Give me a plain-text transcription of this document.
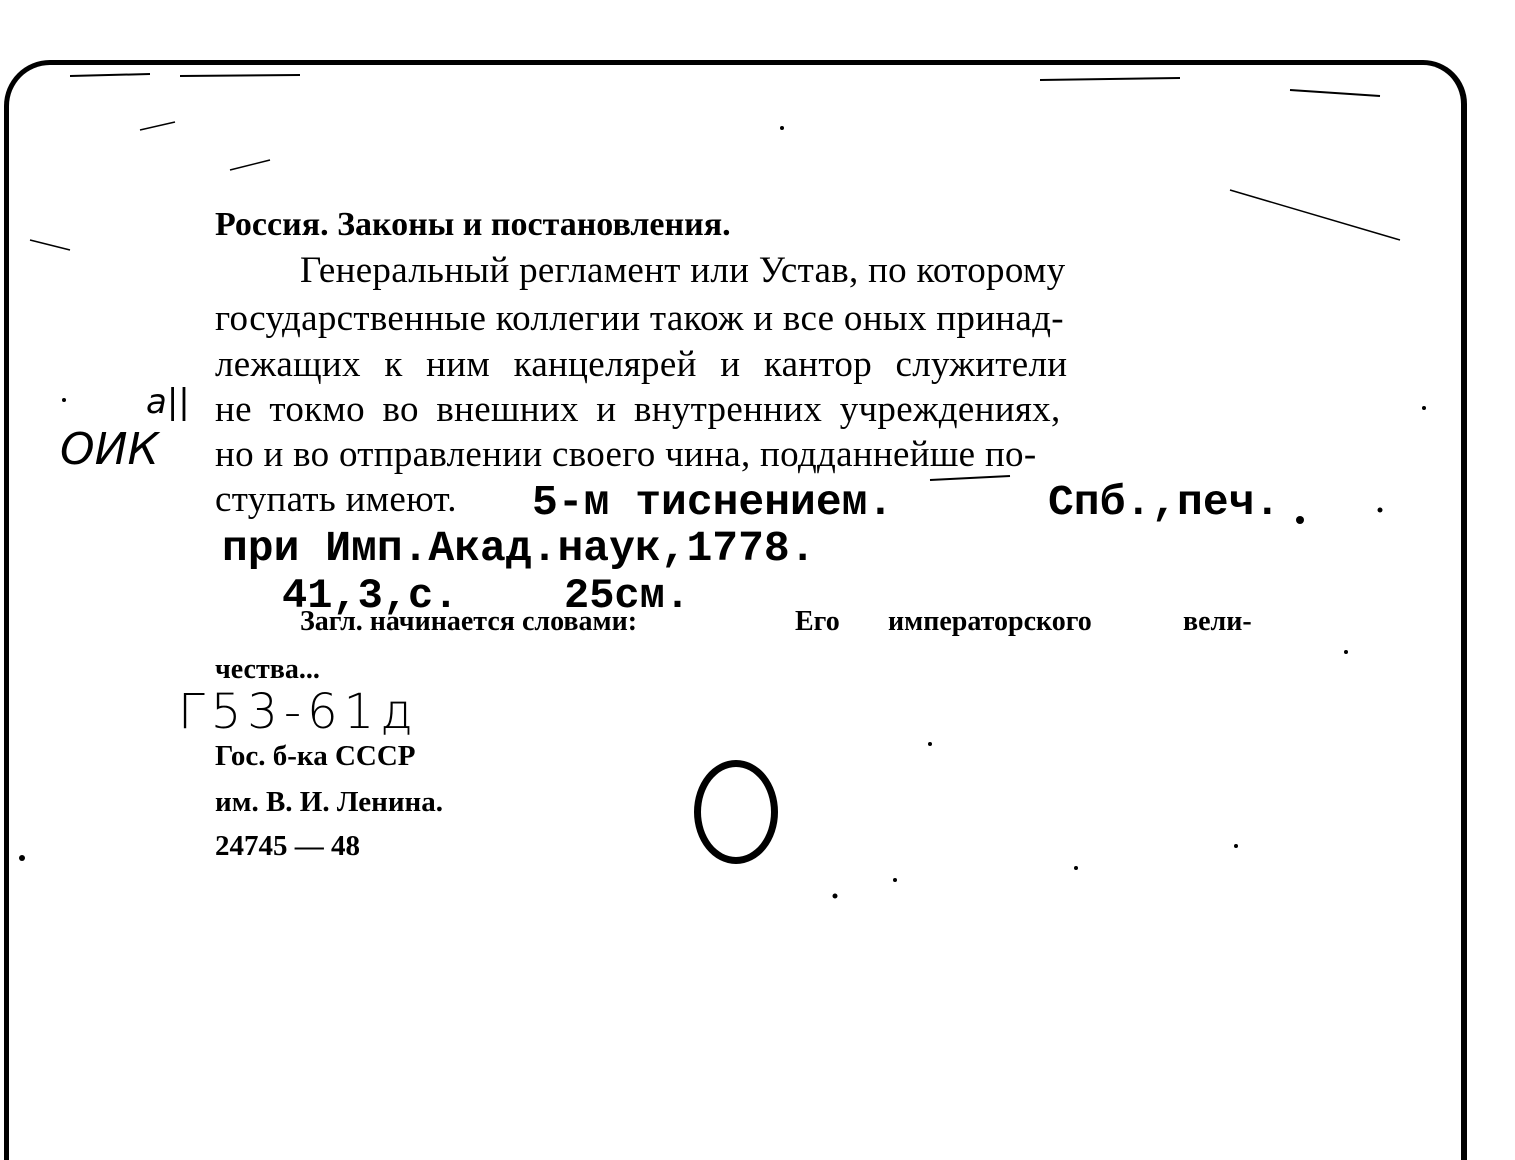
Россия. Законы и постановления.
Генеральный регламент или Устав, по которому
государственные коллегии також и все оных принад-
лежащих к ним канцелярей и кантор служители
не токмо во внешних и внутренних учреждениях,
но и во отправлении своего чина, подданнейше по-
ступать имеют. 5-м тиснением.	Спб.,печ.
при Имп.Акад.наук,1778.
41,3,с.	25см.
Загл. начинается словами:	Его императорского	вели-
чества...
а||
ОИК
Г53-61д
Гос. б-ка СССР
им. В. И. Ленина.
24745 — 48
